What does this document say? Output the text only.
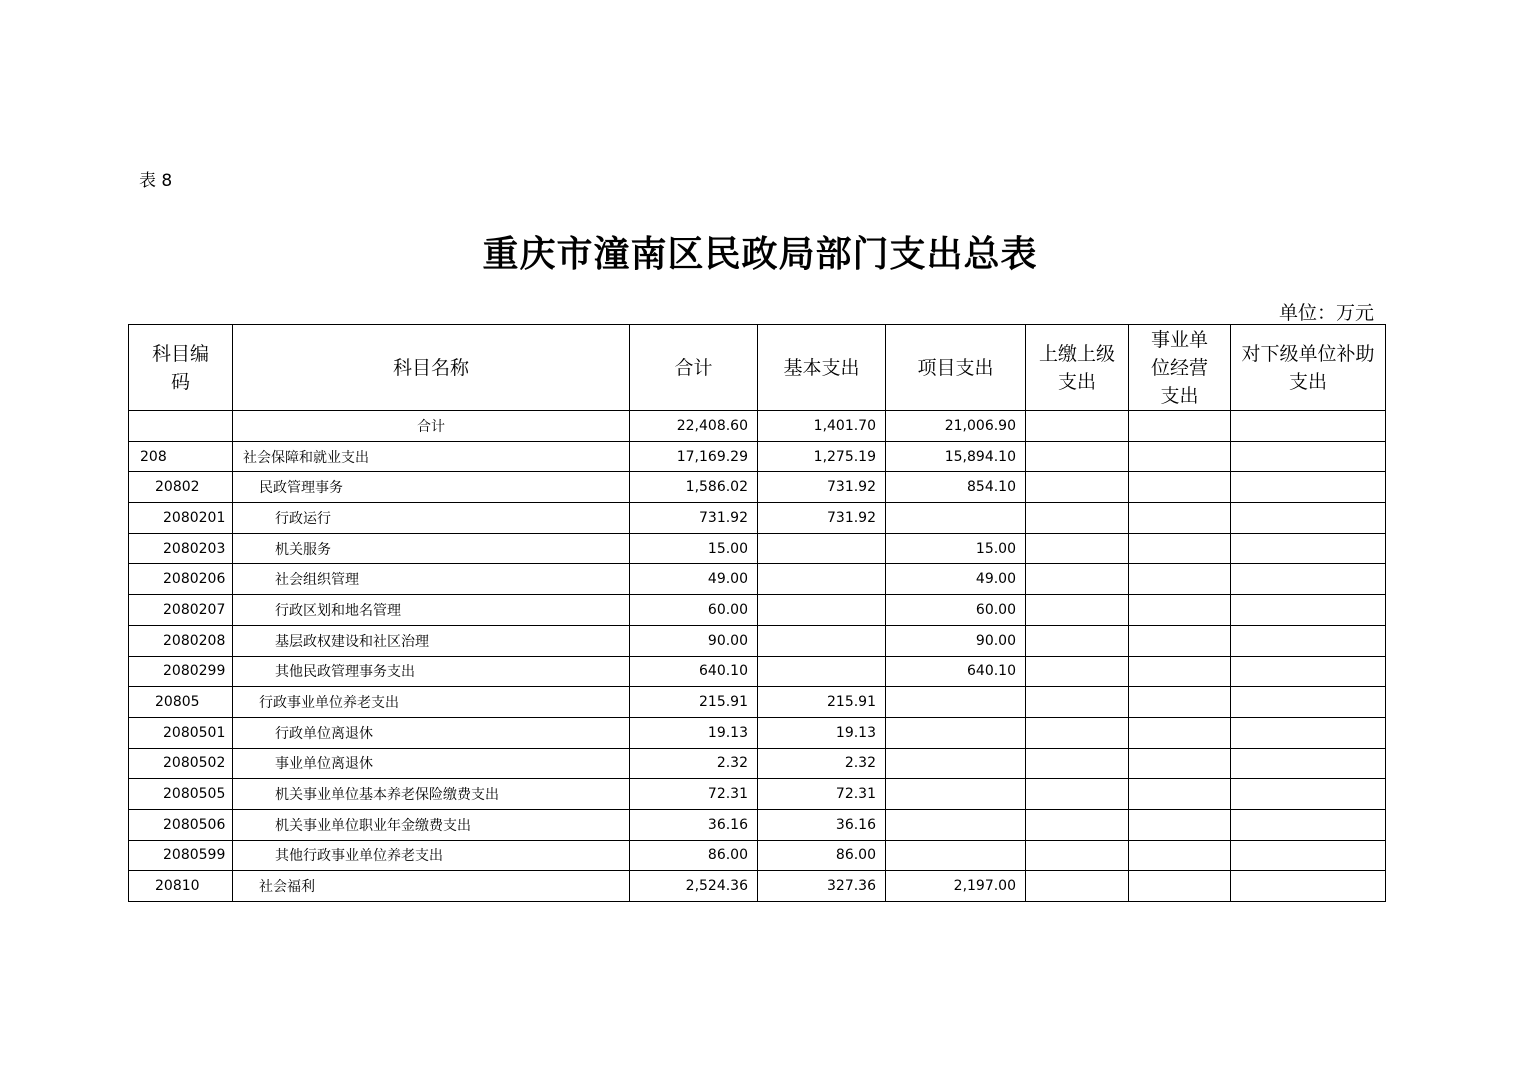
表 8
重庆市潼南区民政局部门支出总表
单位：万元
科目编码	科目名称	合计	基本支出	项目支出	上缴上级支出	事业单位经营支出	对下级单位补助支出
	合计	22,408.60	1,401.70	21,006.90			
208	社会保障和就业支出	17,169.29	1,275.19	15,894.10			
20802	民政管理事务	1,586.02	731.92	854.10			
2080201	行政运行	731.92	731.92				
2080203	机关服务	15.00		15.00			
2080206	社会组织管理	49.00		49.00			
2080207	行政区划和地名管理	60.00		60.00			
2080208	基层政权建设和社区治理	90.00		90.00			
2080299	其他民政管理事务支出	640.10		640.10			
20805	行政事业单位养老支出	215.91	215.91				
2080501	行政单位离退休	19.13	19.13				
2080502	事业单位离退休	2.32	2.32				
2080505	机关事业单位基本养老保险缴费支出	72.31	72.31				
2080506	机关事业单位职业年金缴费支出	36.16	36.16				
2080599	其他行政事业单位养老支出	86.00	86.00				
20810	社会福利	2,524.36	327.36	2,197.00			
